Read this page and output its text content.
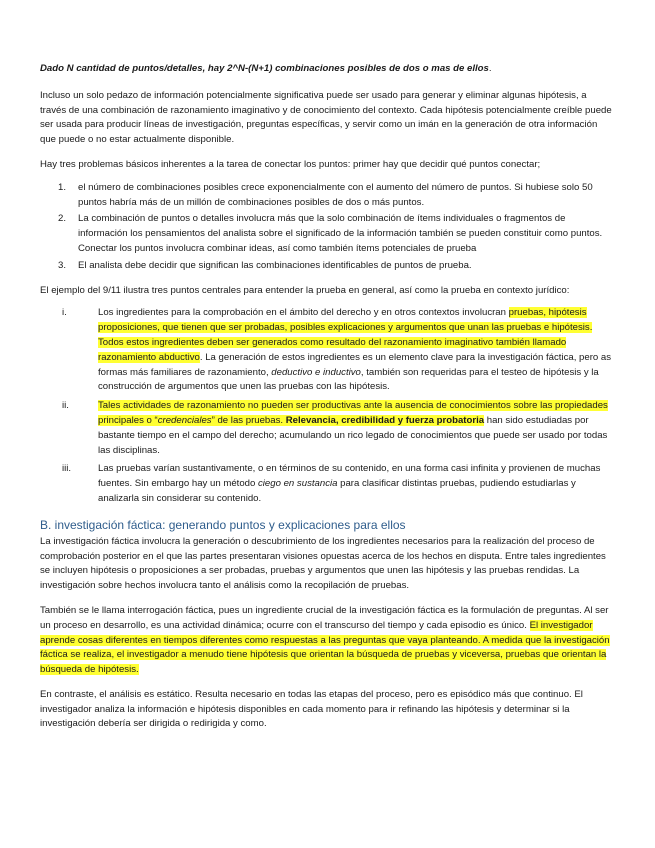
Dado N cantidad de puntos/detalles, hay 2^N-(N+1) combinaciones posibles de dos o mas de ellos.

Incluso un solo pedazo de información potencialmente significativa puede ser usado para generar y eliminar algunas hipótesis, a través de una combinación de razonamiento imaginativo y de conocimiento del contexto. Cada hipótesis potencialmente creíble puede ser usada para producir líneas de investigación, preguntas específicas, y servir como un imán en la generación de otra información que puede o no estar actualmente disponible.

Hay tres problemas básicos inherentes a la tarea de conectar los puntos: primer hay que decidir qué puntos conectar;

1. el número de combinaciones posibles crece exponencialmente con el aumento del número de puntos. Si hubiese solo 50 puntos habría más de un millón de combinaciones posibles de dos o más puntos.
2. La combinación de puntos o detalles involucra más que la solo combinación de ítems individuales o fragmentos de información los pensamientos del analista sobre el significado de la información también se pueden constituir como puntos. Conectar los puntos involucra combinar ideas, así como también ítems potenciales de prueba
3. El analista debe decidir que significan las combinaciones identificables de puntos de prueba.

El ejemplo del 9/11 ilustra tres puntos centrales para entender la prueba en general, así como la prueba en contexto jurídico:

i.	Los ingredientes para la comprobación en el ámbito del derecho y en otros contextos involucran pruebas, hipótesis proposiciones, que tienen que ser probadas, posibles explicaciones y argumentos que unan las pruebas e hipótesis. Todos estos ingredientes deben ser generados como resultado del razonamiento imaginativo también llamado razonamiento abductivo. La generación de estos ingredientes es un elemento clave para la investigación fáctica, pero as formas más familiares de razonamiento, deductivo e inductivo, también son requeridas para el testeo de hipótesis y la construcción de argumentos que unen las pruebas con las hipótesis.
ii.	Tales actividades de razonamiento no pueden ser productivas ante la ausencia de conocimientos sobre las propiedades principales o “credenciales” de las pruebas. Relevancia, credibilidad y fuerza probatoria han sido estudiadas por bastante tiempo en el campo del derecho; acumulando un rico legado de conocimientos que puede ser usado por todas las disciplinas.
iii.	Las pruebas varían sustantivamente, o en términos de su contenido, en una forma casi infinita y provienen de muchas fuentes. Sin embargo hay un método ciego en sustancia para clasificar distintas pruebas, pudiendo estudiarlas y analizarla sin considerar su contenido.
B. investigación fáctica: generando puntos y explicaciones para ellos

La investigación fáctica involucra la generación o descubrimiento de los ingredientes necesarios para la realización del proceso de comprobación posterior en el que las partes presentaran visiones opuestas acerca de los hechos en disputa. Entre tales ingredientes se incluyen hipótesis o proposiciones a ser probadas, pruebas y argumentos que unen las hipótesis y las pruebas rendidas. La investigación sobre hechos involucra tanto el análisis como la recopilación de pruebas.

También se le llama interrogación fáctica, pues un ingrediente crucial de la investigación fáctica es la formulación de preguntas. Al ser un proceso en desarrollo, es una actividad dinámica; ocurre con el transcurso del tiempo y cada episodio es único. El investigador aprende cosas diferentes en tiempos diferentes como respuestas a las preguntas que vaya planteando. A medida que la investigación fáctica se realiza, el investigador a menudo tiene hipótesis que orientan la búsqueda de pruebas y viceversa, pruebas que orientan la búsqueda de hipótesis.

En contraste, el análisis es estático. Resulta necesario en todas las etapas del proceso, pero es episódico más que continuo. El investigador analiza la información e hipótesis disponibles en cada momento para ir refinando las hipótesis y determinar si la investigación debería ser dirigida o redirigida y como.
